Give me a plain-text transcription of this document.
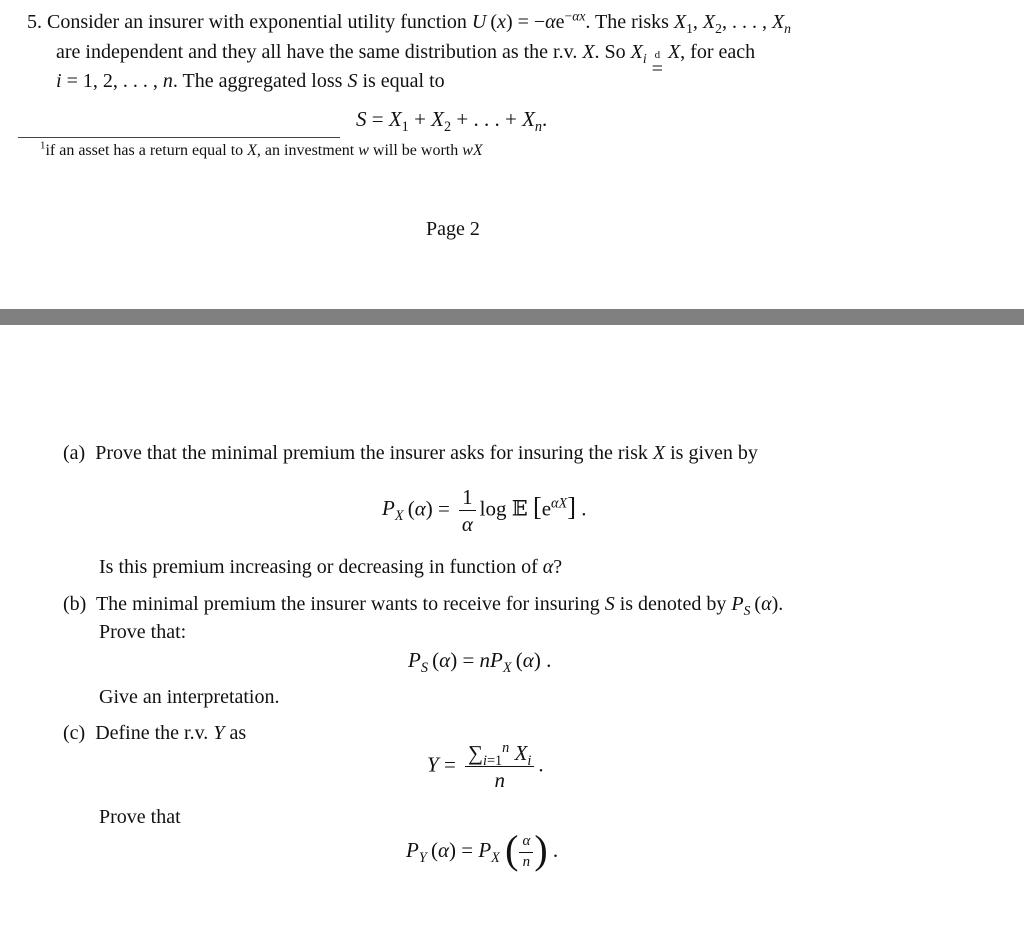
5. Consider an insurer with exponential utility function U $(x) = -\alpha e^{-\alpha x}$. The risks $X_1$, $X_2$, . . . , $X_n$
are independent and they all have the same distribution as the r.v. X. So $X_i$ d
=
X, for each
i = 1, 2, . . . , n. The aggregated loss S is equal to
$S = X_1 + X_2$ + . . . + $X_n$.
$^1$if an asset has a return equal to X, an investment w will be worth wX
Page 2
(a) Prove that the minimal premium the insurer asks for insuring the risk X is given by
$P_X$ $(\alpha) = \frac{1}{\alpha}$ log 𝔼 $[e^{\alpha X}]$ .
Is this premium increasing or decreasing in function of α?
(b) The minimal premium the insurer wants to receive for insuring S is denoted by $P_S$ (α).
Prove that:
$P_S$ $(\alpha) = nP_X$ (α) .
Give an interpretation.
(c) Define the r.v. Y as
$Y = \frac{\sum_{i=1}^n X_i}{n}$ .
Prove that
$P_Y$ $(\alpha) = P_X$ ( $\frac{\alpha}{n}$ ) .
